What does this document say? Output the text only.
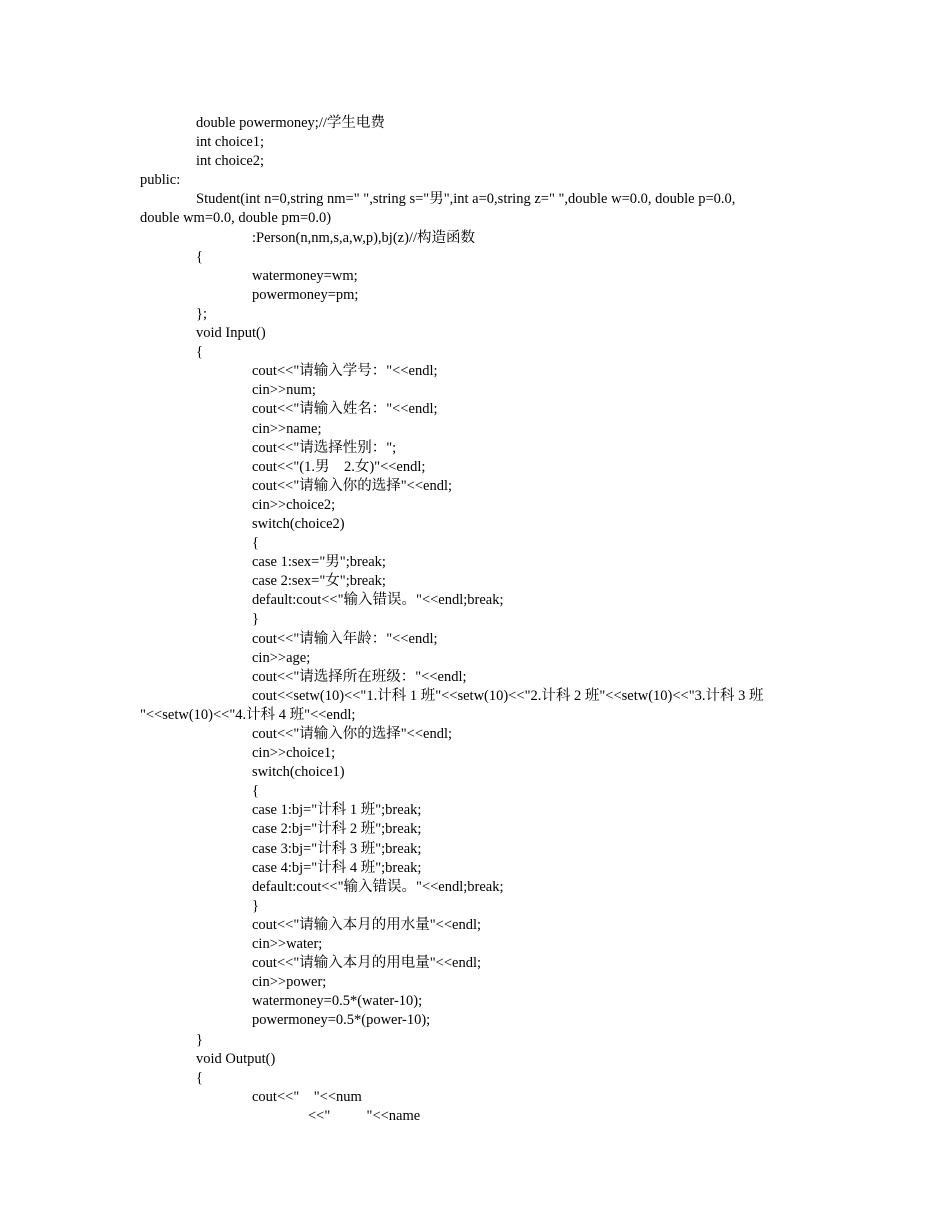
double powermoney;//学生电费
int choice1;
int choice2;
public:
Student(int n=0,string nm=" ",string s="男",int a=0,string z=" ",double w=0.0, double p=0.0,
double wm=0.0, double pm=0.0)
:Person(n,nm,s,a,w,p),bj(z)//构造函数
{
watermoney=wm;
powermoney=pm;
};
void Input()
{
cout<<"请输入学号："<<endl;
cin>>num;
cout<<"请输入姓名："<<endl;
cin>>name;
cout<<"请选择性别：";
cout<<"(1.男    2.女)"<<endl;
cout<<"请输入你的选择"<<endl;
cin>>choice2;
switch(choice2)
{
case 1:sex="男";break;
case 2:sex="女";break;
default:cout<<"输入错误。"<<endl;break;
}
cout<<"请输入年龄："<<endl;
cin>>age;
cout<<"请选择所在班级："<<endl;
cout<<setw(10)<<"1.计科 1 班"<<setw(10)<<"2.计科 2 班"<<setw(10)<<"3.计科 3 班
"<<setw(10)<<"4.计科 4 班"<<endl;
cout<<"请输入你的选择"<<endl;
cin>>choice1;
switch(choice1)
{
case 1:bj="计科 1 班";break;
case 2:bj="计科 2 班";break;
case 3:bj="计科 3 班";break;
case 4:bj="计科 4 班";break;
default:cout<<"输入错误。"<<endl;break;
}
cout<<"请输入本月的用水量"<<endl;
cin>>water;
cout<<"请输入本月的用电量"<<endl;
cin>>power;
watermoney=0.5*(water-10);
powermoney=0.5*(power-10);
}
void Output()
{
cout<<"    "<<num
<<"          "<<name
